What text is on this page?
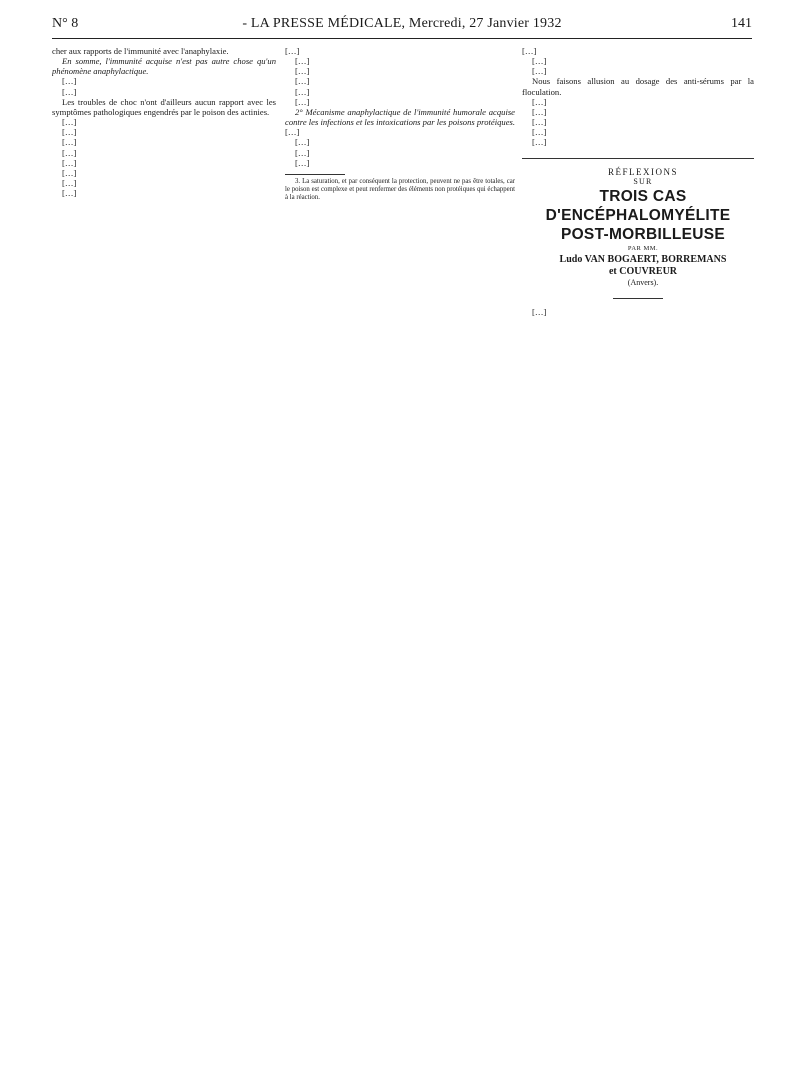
N° 8	- LA PRESSE MÉDICALE, Mercredi, 27 Janvier 1932	141

cher aux rapports de l'immunité avec l'anaphylaxie.

En somme, l'immunité acquise n'est pas autre chose qu'un phénomène anaphylactique.

[…]

[…]

Les troubles de choc n'ont d'ailleurs aucun rapport avec les symptômes pathologiques engendrés par le poison des actinies.

[…]

[…]

[…]

[…]

[…]

[…]

[…]

[…]

[…]

[…]

[…]

[…]

[…]

[…]

2° Mécanisme anaphylactique de l'immunité humorale acquise contre les infections et les intoxications par les poisons protéiques. […]

[…]

[…]

[…]

3. La saturation, et par conséquent la protection, peuvent ne pas être totales, car le poison est complexe et peut renfermer des éléments non protéiques qui échappent à la réaction.

[…]

[…]

[…]

Nous faisons allusion au dosage des anti-sérums par la floculation.

[…]

[…]

[…]

[…]

[…]

RÉFLEXIONS

SUR

TROIS CAS D'ENCÉPHALOMYÉLITE

POST-MORBILLEUSE

PAR MM.

Ludo VAN BOGAERT, BORREMANS

et COUVREUR

(Anvers).

[…]
